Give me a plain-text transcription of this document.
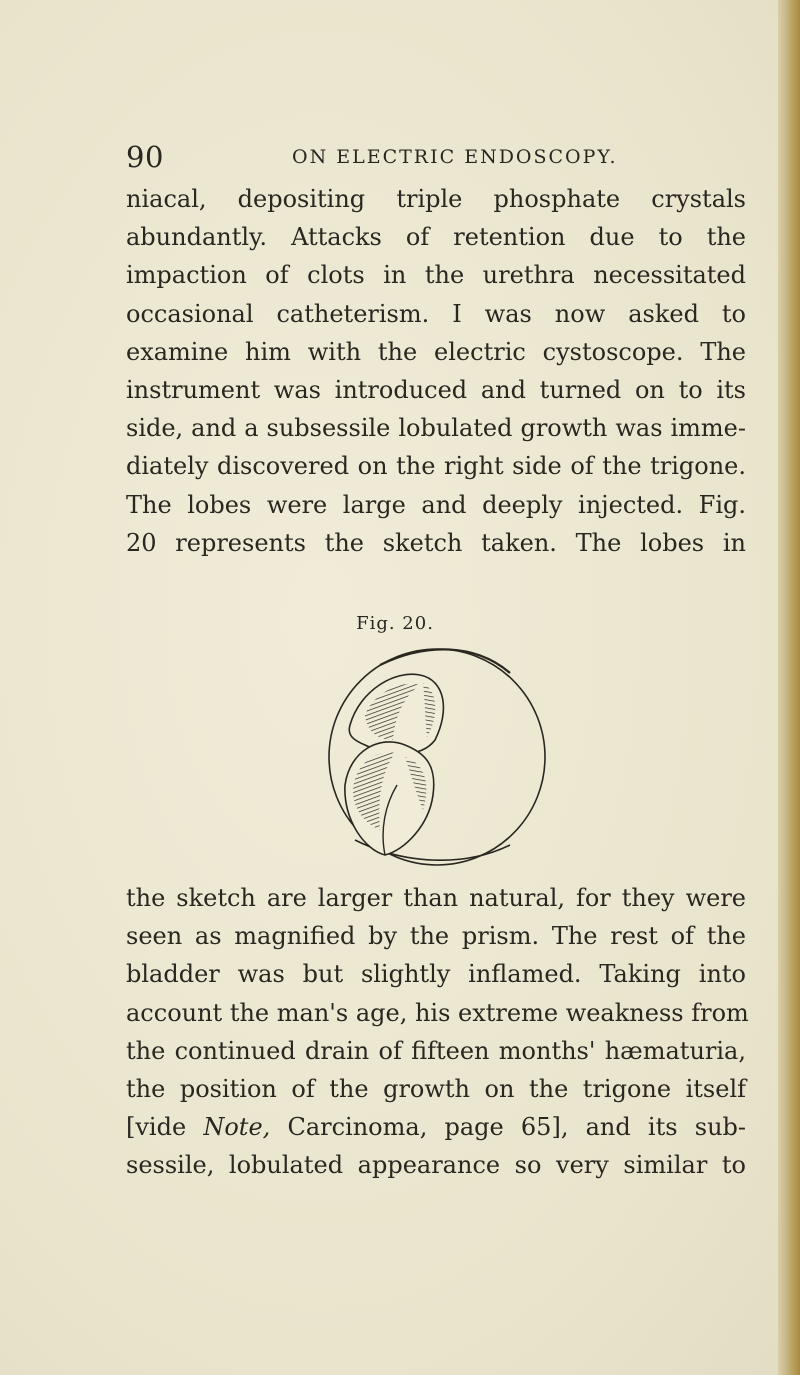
90	ON ELECTRIC ENDOSCOPY.
niacal, depositing triple phosphate crystals
abundantly. Attacks of retention due to the
impaction of clots in the urethra necessitated
occasional catheterism. I was now asked to
examine him with the electric cystoscope. The
instrument was introduced and turned on to its
side, and a subsessile lobulated growth was imme-
diately discovered on the right side of the trigone.
The lobes were large and deeply injected. Fig.
20 represents the sketch taken. The lobes in
Fig. 20.
the sketch are larger than natural, for they were
seen as magnified by the prism. The rest of the
bladder was but slightly inflamed. Taking into
account the man's age, his extreme weakness from
the continued drain of fifteen months' hæmaturia,
the position of the growth on the trigone itself
[vide Note, Carcinoma, page 65], and its sub-
sessile, lobulated appearance so very similar to
